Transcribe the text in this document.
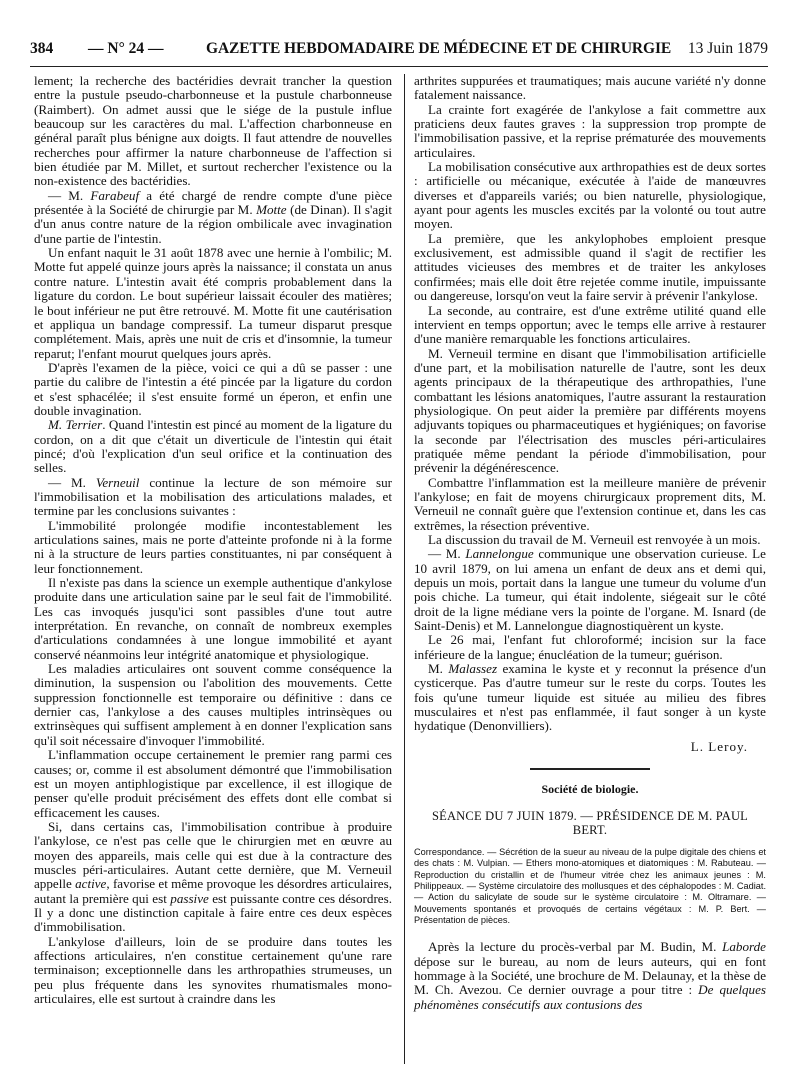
384 — N° 24 —	GAZETTE HEBDOMADAIRE DE MÉDECINE ET DE CHIRURGIE 13 Juin 1879

lement; la recherche des bactéridies devrait trancher la question entre la pustule pseudo-charbonneuse et la pustule charbonneuse (Raimbert). On admet aussi que le siége de la pustule influe beaucoup sur les caractères du mal. L'affection charbonneuse en général paraît plus bénigne aux doigts. Il faut attendre de nouvelles recherches pour affirmer la nature charbonneuse de l'affection si bien étudiée par M. Millet, et surtout rechercher l'existence ou la non-existence des bactéridies.

— M. Farabeuf a été chargé de rendre compte d'une pièce présentée à la Société de chirurgie par M. Motte (de Dinan). Il s'agit d'un anus contre nature de la région ombilicale avec invagination d'une partie de l'intestin.

Un enfant naquit le 31 août 1878 avec une hernie à l'ombilic; M. Motte fut appelé quinze jours après la naissance; il constata un anus contre nature. L'intestin avait été compris probablement dans la ligature du cordon. Le bout supérieur laissait écouler des matières; le bout inférieur ne put être retrouvé. M. Motte fit une cautérisation et appliqua un bandage compressif. La tumeur disparut presque complétement. Mais, après une nuit de cris et d'insomnie, la tumeur reparut; l'enfant mourut quelques jours après.

D'après l'examen de la pièce, voici ce qui a dû se passer : une partie du calibre de l'intestin a été pincée par la ligature du cordon et s'est sphacélée; il s'est ensuite formé un éperon, et enfin une double invagination.

M. Terrier. Quand l'intestin est pincé au moment de la ligature du cordon, on a dit que c'était un diverticule de l'intestin qui était pincé; d'où l'explication d'un seul orifice et la continuation des selles.

— M. Verneuil continue la lecture de son mémoire sur l'immobilisation et la mobilisation des articulations malades, et termine par les conclusions suivantes :

L'immobilité prolongée modifie incontestablement les articulations saines, mais ne porte d'atteinte profonde ni à la forme ni à la structure de leurs parties constituantes, ni par conséquent à leur fonctionnement.

Il n'existe pas dans la science un exemple authentique d'ankylose produite dans une articulation saine par le seul fait de l'immobilité. Les cas invoqués jusqu'ici sont passibles d'une tout autre interprétation. En revanche, on connaît de nombreux exemples d'articulations condamnées à une longue immobilité et ayant conservé néanmoins leur intégrité anatomique et physiologique.

Les maladies articulaires ont souvent comme conséquence la diminution, la suspension ou l'abolition des mouvements. Cette suppression fonctionnelle est temporaire ou définitive : dans ce dernier cas, l'ankylose a des causes multiples intrinsèques ou extrinsèques qui suffisent amplement à en donner l'explication sans qu'il soit nécessaire d'invoquer l'immobilité.

L'inflammation occupe certainement le premier rang parmi ces causes; or, comme il est absolument démontré que l'immobilisation est un moyen antiphlogistique par excellence, il est illogique de penser qu'elle produit précisément des effets dont elle combat si efficacement les causes.

Si, dans certains cas, l'immobilisation contribue à produire l'ankylose, ce n'est pas celle que le chirurgien met en œuvre au moyen des appareils, mais celle qui est due à la contracture des muscles péri-articulaires. Autant cette dernière, que M. Verneuil appelle active, favorise et même provoque les désordres articulaires, autant la première qui est passive est puissante contre ces désordres. Il y a donc une distinction capitale à faire entre ces deux espèces d'immobilisation.

L'ankylose d'ailleurs, loin de se produire dans toutes les affections articulaires, n'en constitue certainement qu'une rare terminaison; exceptionnelle dans les arthropathies strumeuses, un peu plus fréquente dans les synovites rhumatismales mono-articulaires, elle est surtout à craindre dans les

arthrites suppurées et traumatiques; mais aucune variété n'y donne fatalement naissance.

La crainte fort exagérée de l'ankylose a fait commettre aux praticiens deux fautes graves : la suppression trop prompte de l'immobilisation passive, et la reprise prématurée des mouvements articulaires.

La mobilisation consécutive aux arthropathies est de deux sortes : artificielle ou mécanique, exécutée à l'aide de manœuvres diverses et d'appareils variés; ou bien naturelle, physiologique, ayant pour agents les muscles excités par la volonté ou tout autre moyen.

La première, que les ankylophobes emploient presque exclusivement, est admissible quand il s'agit de rectifier les attitudes vicieuses des membres et de traiter les ankyloses confirmées; mais elle doit être rejetée comme inutile, impuissante ou dangereuse, lorsqu'on veut la faire servir à prévenir l'ankylose.

La seconde, au contraire, est d'une extrême utilité quand elle intervient en temps opportun; avec le temps elle arrive à restaurer d'une manière remarquable les fonctions articulaires.

M. Verneuil termine en disant que l'immobilisation artificielle d'une part, et la mobilisation naturelle de l'autre, sont les deux agents principaux de la thérapeutique des arthropathies, l'une combattant les lésions anatomiques, l'autre assurant la restauration physiologique. On peut aider la première par différents moyens adjuvants topiques ou pharmaceutiques et hygiéniques; on favorise la seconde par l'électrisation des muscles péri-articulaires pratiquée même pendant la période d'immobilisation, pour prévenir la dégénérescence.

Combattre l'inflammation est la meilleure manière de prévenir l'ankylose; en fait de moyens chirurgicaux proprement dits, M. Verneuil ne connaît guère que l'extension continue et, dans les cas extrêmes, la résection préventive.

La discussion du travail de M. Verneuil est renvoyée à un mois.

— M. Lannelongue communique une observation curieuse. Le 10 avril 1879, on lui amena un enfant de deux ans et demi qui, depuis un mois, portait dans la langue une tumeur du volume d'un pois chiche. La tumeur, qui était indolente, siégeait sur le côté droit de la ligne médiane vers la pointe de l'organe. M. Isnard (de Saint-Denis) et M. Lannelongue diagnostiquèrent un kyste.

Le 26 mai, l'enfant fut chloroformé; incision sur la face inférieure de la langue; énucléation de la tumeur; guérison.

M. Malassez examina le kyste et y reconnut la présence d'un cysticerque. Pas d'autre tumeur sur le reste du corps. Toutes les fois qu'une tumeur liquide est située au milieu des fibres musculaires et n'est pas enflammée, il faut songer à un kyste hydatique (Denonvilliers).

L. Leroy.

Société de biologie.
SÉANCE DU 7 JUIN 1879. — PRÉSIDENCE DE M. PAUL BERT.

Correspondance. — Sécrétion de la sueur au niveau de la pulpe digitale des chiens et des chats : M. Vulpian. — Ethers mono-atomiques et diatomiques : M. Rabuteau. — Reproduction du cristallin et de l'humeur vitrée chez les animaux jeunes : M. Philippeaux. — Système circulatoire des mollusques et des céphalopodes : M. Cadiat. — Action du salicylate de soude sur le système circulatoire : M. Oltramare. — Mouvements spontanés et provoqués de certains végétaux : M. P. Bert. — Présentation de pièces.

Après la lecture du procès-verbal par M. Budin, M. Laborde dépose sur le bureau, au nom de leurs auteurs, qui en font hommage à la Société, une brochure de M. Delaunay, et la thèse de M. Ch. Avezou. Ce dernier ouvrage a pour titre : De quelques phénomènes consécutifs aux contusions des
